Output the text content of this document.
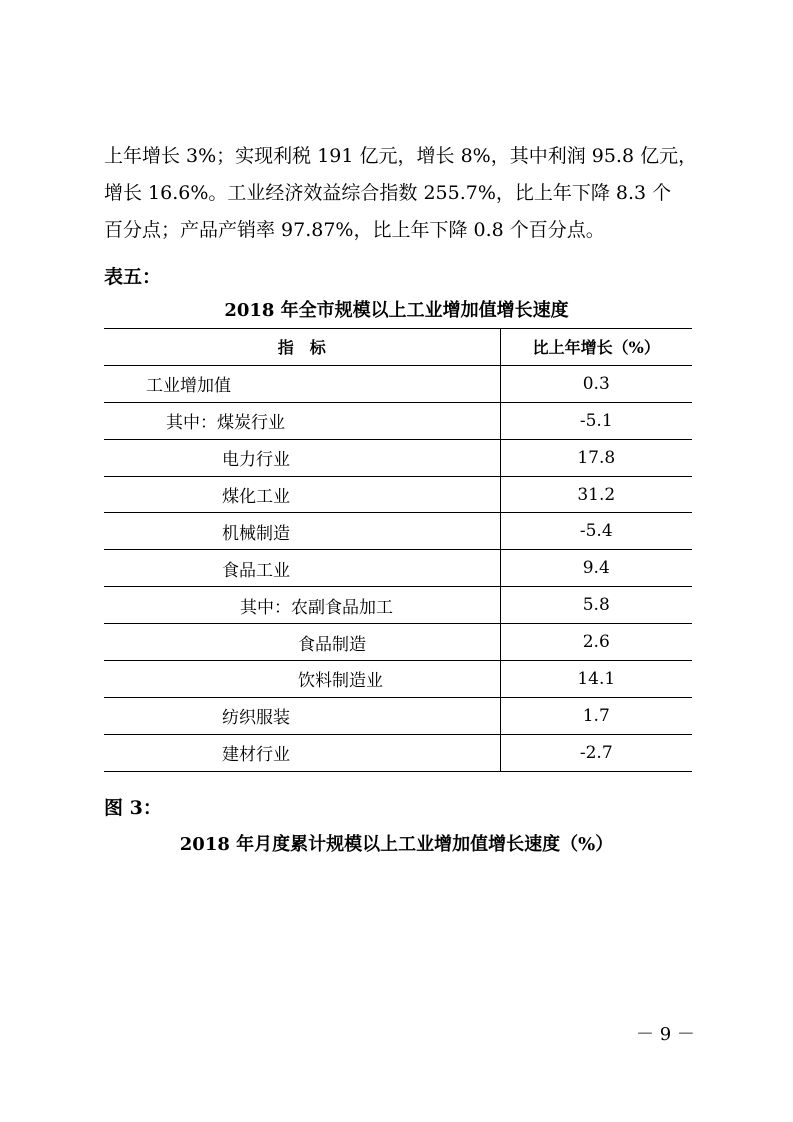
上年增长 3%；实现利税 191 亿元，增长 8%，其中利润 95.8 亿元，

增长 16.6%。工业经济效益综合指数 255.7%，比上年下降 8.3 个

百分点；产品产销率 97.87%，比上年下降 0.8 个百分点。

表五：
2018 年全市规模以上工业增加值增长速度
指　标	比上年增长（%）
工业增加值	0.3
其中：煤炭行业	-5.1
电力行业	17.8
煤化工业	31.2
机械制造	-5.4
食品工业	9.4
其中：农副食品加工	5.8
食品制造	2.6
饮料制造业	14.1
纺织服装	1.7
建材行业	-2.7
图 3：
2018 年月度累计规模以上工业增加值增长速度（%）
－ 9 －
